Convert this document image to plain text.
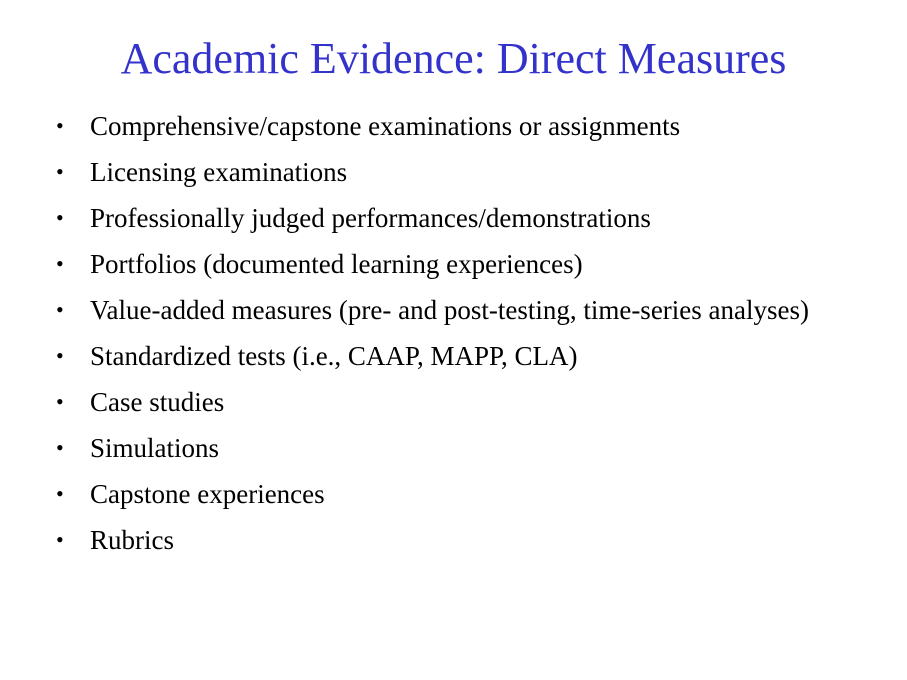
Academic Evidence: Direct Measures
• Comprehensive/capstone examinations or assignments
• Licensing examinations
• Professionally judged performances/demonstrations
• Portfolios (documented learning experiences)
• Value-added measures (pre- and post-testing, time-series analyses)
• Standardized tests (i.e., CAAP, MAPP, CLA)
• Case studies
• Simulations
• Capstone experiences
• Rubrics
